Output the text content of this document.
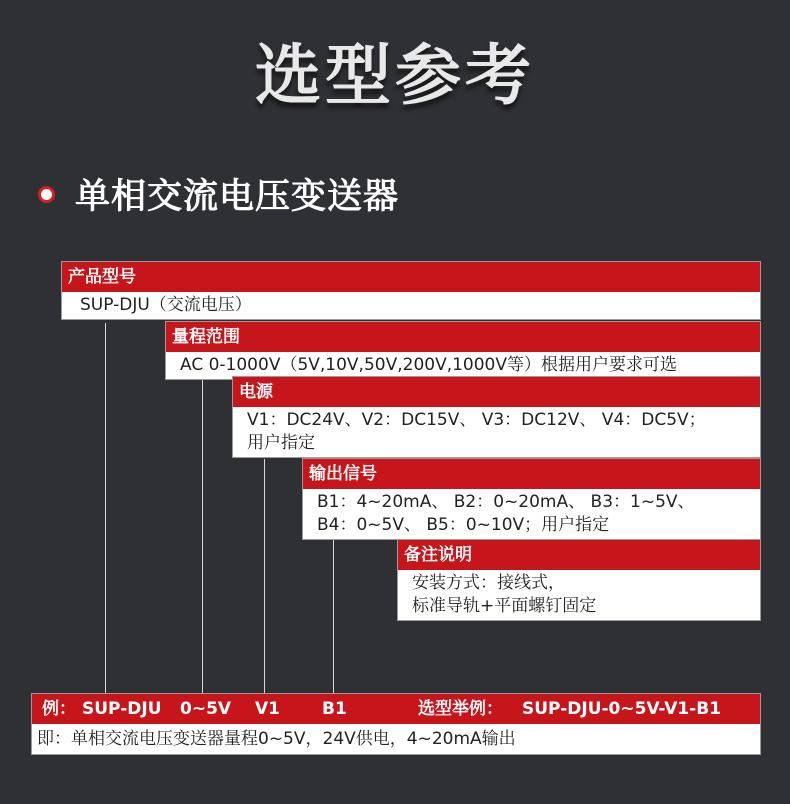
选型参考
单相交流电压变送器
产品型号
SUP-DJU（交流电压）
量程范围
AC 0-1000V（5V,10V,50V,200V,1000V等）根据用户要求可选
电源
V1：DC24V、V2：DC15V、 V3：DC12V、 V4：DC5V；
用户指定
输出信号
B1：4~20mA、 B2：0~20mA、 B3：1~5V、
B4：0~5V、 B5：0~10V；用户指定
备注说明
安装方式：接线式，
标准导轨+平面螺钉固定
例： SUP-DJU 0~5V V1 B1	选型举例： SUP-DJU-0~5V-V1-B1
即：单相交流电压变送器量程0~5V，24V供电，4~20mA输出
